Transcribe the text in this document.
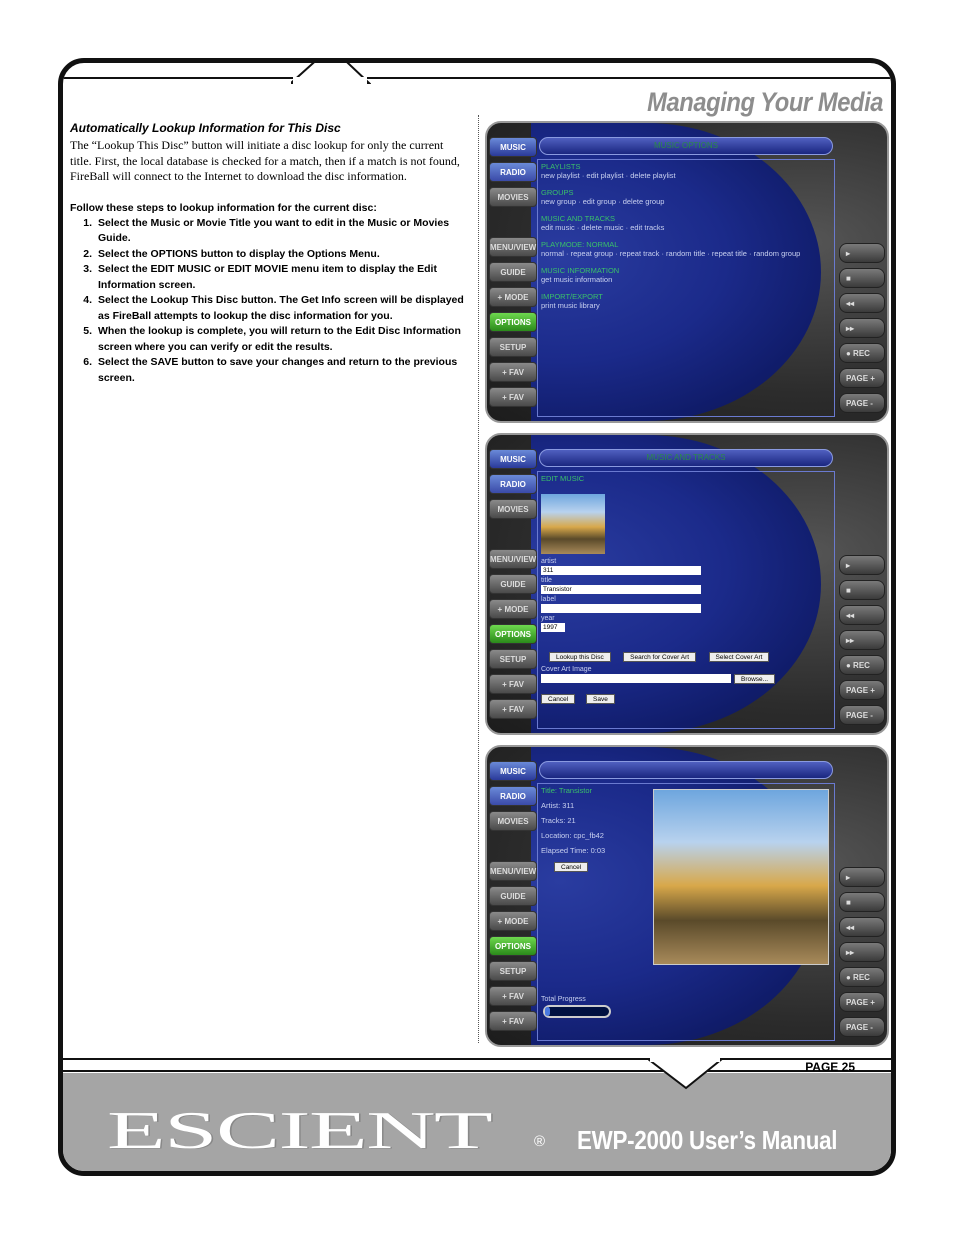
Managing Your Media
Automatically Lookup Information for This Disc
The “Lookup This Disc” button will initiate a disc lookup for only the current title. First, the local database is checked for a match, then if a match is not found, FireBall will connect to the Internet to download the disc information.
Follow these steps to lookup information for the current disc:
1. Select the Music or Movie Title you want to edit in the Music or Movies Guide.
2. Select the OPTIONS button to display the Options Menu.
3. Select the EDIT MUSIC or EDIT MOVIE menu item to display the Edit Information screen.
4. Select the Lookup This Disc button. The Get Info screen will be displayed as FireBall attempts to lookup the disc information for you.
5. When the lookup is complete, you will return to the Edit Disc Information screen where you can verify or edit the results.
6. Select the SAVE button to save your changes and return to the previous screen.
MUSIC
RADIO
MOVIES
MENU/VIEW
GUIDE
+ MODE
OPTIONS
SETUP
+ FAV
+ FAV
▸
■
◂◂
▸▸
● REC
PAGE +
PAGE -
MUSIC OPTIONS
PLAYLISTS
new playlist · edit playlist · delete playlist
GROUPS
new group · edit group · delete group
MUSIC AND TRACKS
edit music · delete music · edit tracks
PLAYMODE: NORMAL
normal · repeat group · repeat track · random title · repeat title · random group
MUSIC INFORMATION
get music information
IMPORT/EXPORT
print music library
MUSIC
RADIO
MOVIES
MENU/VIEW
GUIDE
+ MODE
OPTIONS
SETUP
+ FAV
+ FAV
▸
■
◂◂
▸▸
● REC
PAGE +
PAGE -
MUSIC AND TRACKS
EDIT MUSIC
artist
311
title
Transistor
label
year
1997
Lookup this Disc	Search for Cover Art	Select Cover Art
Cover Art Image
Browse...
Cancel	Save
MUSIC
RADIO
MOVIES
MENU/VIEW
GUIDE
+ MODE
OPTIONS
SETUP
+ FAV
+ FAV
▸
■
◂◂
▸▸
● REC
PAGE +
PAGE -
Title: Transistor
Artist: 311
Tracks: 21
Location: cpc_fb42
Elapsed Time: 0:03
Cancel
Total Progress
PAGE 25
ESCIENT	® EWP-2000 User’s Manual
